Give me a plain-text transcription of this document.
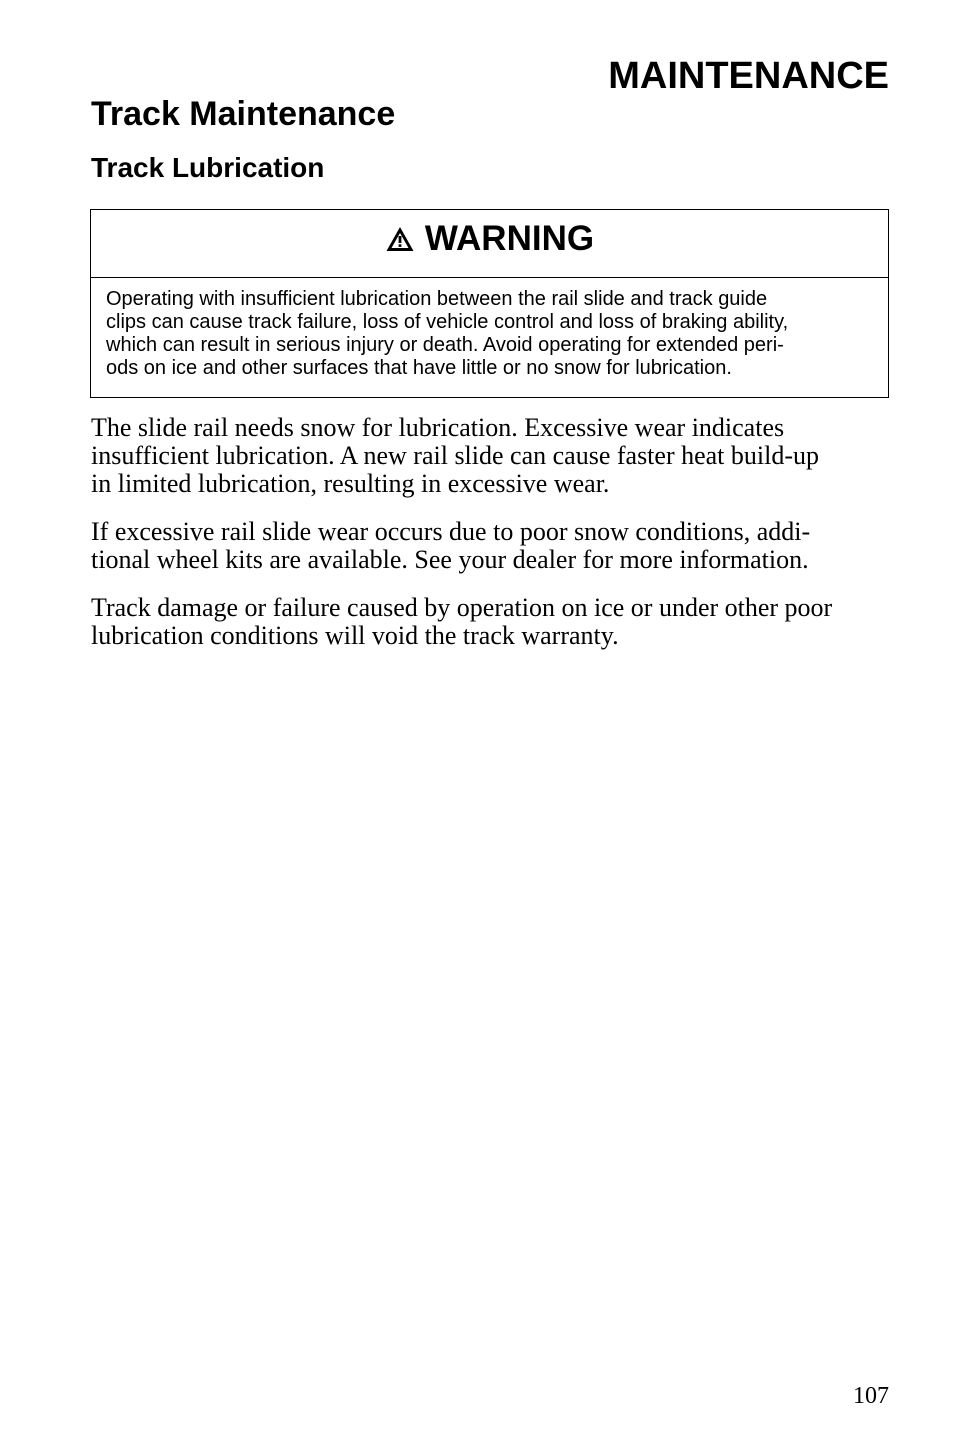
MAINTENANCE
Track Maintenance
Track Lubrication
WARNING

Operating with insufficient lubrication between the rail slide and track guide
clips can cause track failure, loss of vehicle control and loss of braking ability,
which can result in serious injury or death. Avoid operating for extended peri-
ods on ice and other surfaces that have little or no snow for lubrication.

The slide rail needs snow for lubrication. Excessive wear indicates
insufficient lubrication. A new rail slide can cause faster heat build-up
in limited lubrication, resulting in excessive wear.

If excessive rail slide wear occurs due to poor snow conditions, addi-
tional wheel kits are available. See your dealer for more information.

Track damage or failure caused by operation on ice or under other poor
lubrication conditions will void the track warranty.

107
